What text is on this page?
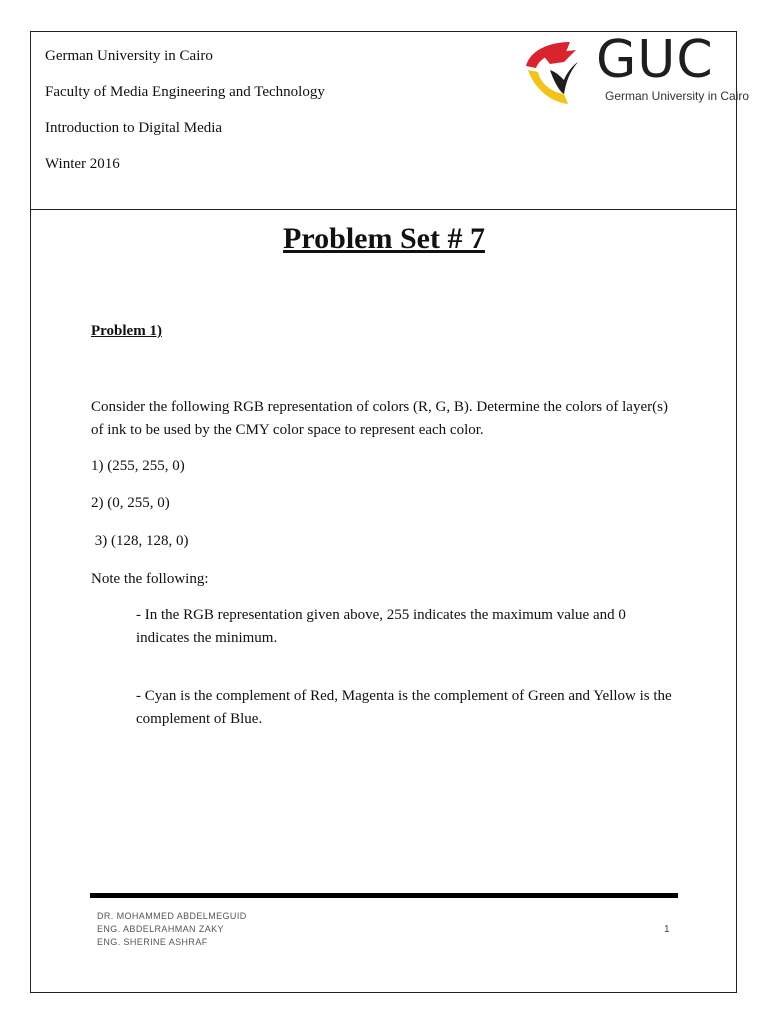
German University in Cairo
Faculty of Media Engineering and Technology
Introduction to Digital Media
Winter 2016
GUC
German University in Cairo
Problem Set # 7
Problem 1)
Consider the following RGB representation of colors (R, G, B). Determine the colors of layer(s) of ink to be used by the CMY color space to represent each color.
1) (255, 255, 0)
2) (0, 255, 0)
3) (128, 128, 0)
Note the following:
- In the RGB representation given above, 255 indicates the maximum value and 0 indicates the minimum.
- Cyan is the complement of Red, Magenta is the complement of Green and Yellow is the complement of Blue.
DR. MOHAMMED ABDELMEGUID
ENG. ABDELRAHMAN ZAKY
ENG. SHERINE ASHRAF
1
